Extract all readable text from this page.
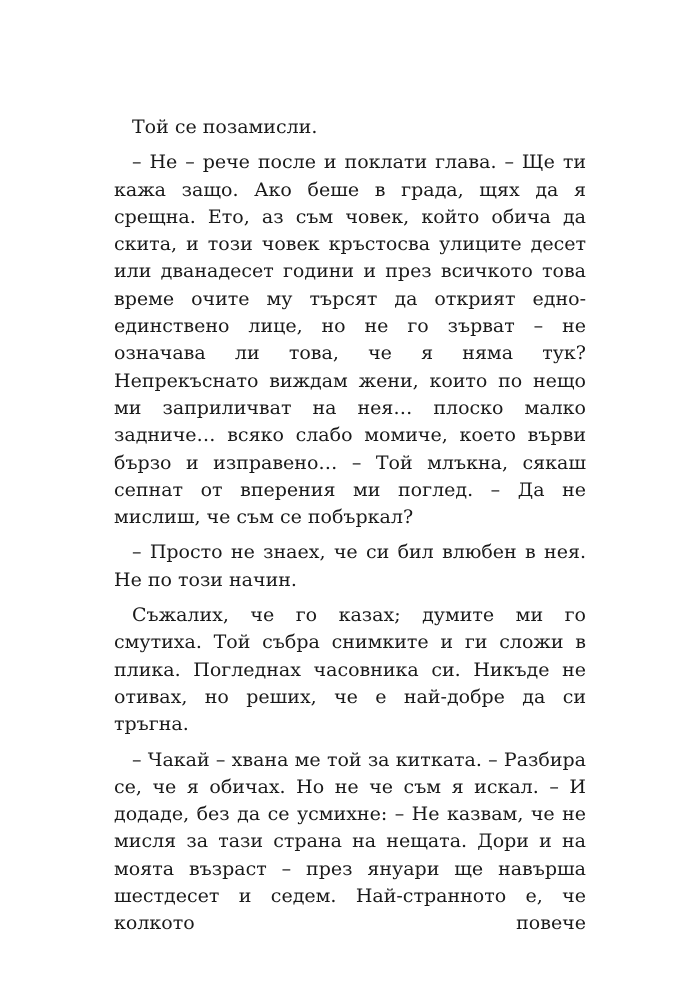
Той се позамисли.

– Не – рече после и поклати глава. – Ще ти кажа защо. Ако беше в града, щях да я срещна. Ето, аз съм човек, който обича да скита, и този човек кръстосва улиците десет или дванадесет години и през всичкото това време очите му търсят да открият едно-единствено лице, но не го зърват – не означава ли това, че я няма тук? Непрекъснато виждам жени, които по нещо ми заприличват на нея… плоско малко задниче… всяко слабо момиче, което върви бързо и изправено… – Той млъкна, сякаш сепнат от вперения ми поглед. – Да не мислиш, че съм се побъркал?

– Просто не знаех, че си бил влюбен в нея. Не по този начин.

Съжалих, че го казах; думите ми го смутиха. Той събра снимките и ги сложи в плика. Погледнах часовника си. Никъде не отивах, но реших, че е най-добре да си тръгна.

– Чакай – хвана ме той за китката. – Разбира се, че я обичах. Но не че съм я искал. – И додаде, без да се усмихне: – Не казвам, че не мисля за тази страна на нещата. Дори и на моята възраст – през януари ще навърша шестдесет и седем. Най-странното е, че колкото повече
